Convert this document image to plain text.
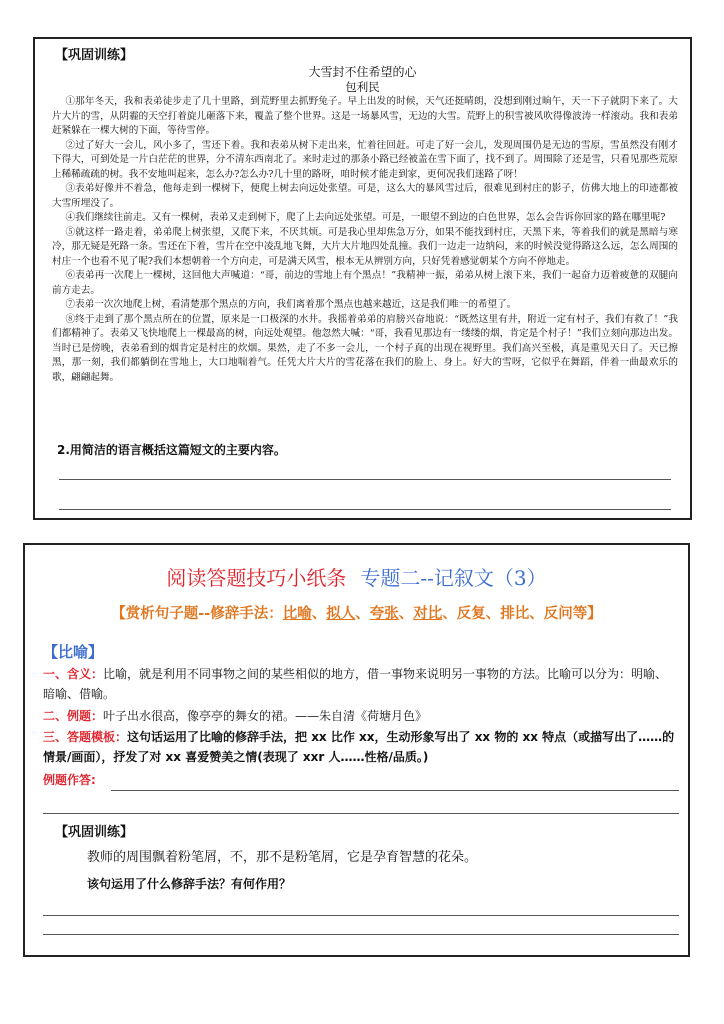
【巩固训练】

大雪封不住希望的心

包利民

①那年冬天，我和表弟徒步走了几十里路，到荒野里去抓野兔子。早上出发的时候，天气还挺晴朗，没想到刚过晌午，天一下子就阴下来了。大片大片的雪，从阴霾的天空打着旋儿砸落下来，覆盖了整个世界。这是一场暴风雪，无边的大雪。荒野上的积雪被风吹得像波涛一样滚动。我和表弟赶紧躲在一棵大树的下面，等待雪停。

②过了好大一会儿，风小多了，雪还下着。我和表弟从树下走出来，忙着往回赶。可走了好一会儿，发现周围仍是无边的雪原，雪虽然没有刚才下得大，可到处是一片白茫茫的世界，分不清东西南北了。来时走过的那条小路已经被盖在雪下面了，找不到了。周围除了还是雪，只看见那些荒原上稀稀疏疏的树。我不安地叫起来，怎么办?怎么办?几十里的路呀，咱时候才能走到家，更何况我们迷路了呀！

③表弟好像并不着急，他每走到一棵树下，便爬上树去向远处张望。可是，这么大的暴风雪过后，很难见到村庄的影子，仿佛大地上的印迹都被大雪所埋没了。

④我们继续往前走。又有一棵树，表弟又走到树下，爬了上去向远处张望。可是，一眼望不到边的白色世界，怎么会告诉你回家的路在哪里呢?

⑤就这样一路走着，弟弟爬上树张望，又爬下来，不厌其烦。可是我心里却焦急万分，如果不能找到村庄，天黑下来，等着我们的就是黑暗与寒冷，那无疑是死路一条。雪还在下着，雪片在空中凌乱地飞舞，大片大片地四处乱撞。我们一边走一边纳闷，来的时候没觉得路这么远，怎么周围的村庄一个也看不见了呢?我们本想朝着一个方向走，可是满天风雪，根本无从辨别方向，只好凭着感觉朝某个方向不停地走。

⑥表弟再一次爬上一棵树，这回他大声喊道：“哥，前边的雪地上有个黑点！”我精神一振，弟弟从树上滚下来，我们一起奋力迈着疲惫的双腿向前方走去。

⑦表弟一次次地爬上树，看清楚那个黑点的方向，我们离着那个黑点也越来越近，这是我们唯一的希望了。

⑧终于走到了那个黑点所在的位置，原来是一口极深的水井。我摇着弟弟的肩膀兴奋地说：“既然这里有井，附近一定有村子，我们有救了！”我们都精神了。表弟又飞快地爬上一棵最高的树，向远处观望。他忽然大喊：“哥，我看见那边有一缕缕的烟，肯定是个村子！”我们立刻向那边出发。当时已是傍晚，表弟看到的烟肯定是村庄的炊烟。果然，走了不多一会儿，一个村子真的出现在视野里。我们高兴至极，真是重见天日了。天已擦黑，那一刻，我们都躺倒在雪地上，大口地喘着气。任凭大片大片的雪花落在我们的脸上、身上。好大的雪呀，它似乎在舞蹈，伴着一曲最欢乐的歌，翩翩起舞。

2.用简洁的语言概括这篇短文的主要内容。

阅读答题技巧小纸条 专题二--记叙文（3）

【赏析句子题--修辞手法：比喻、拟人、夸张、对比、反复、排比、反问等】

【比喻】

一、含义：比喻，就是利用不同事物之间的某些相似的地方，借一事物来说明另一事物的方法。比喻可以分为：明喻、暗喻、借喻。

二、例题：叶子出水很高，像亭亭的舞女的裙。——朱自清《荷塘月色》

三、答题模板：这句话运用了比喻的修辞手法，把 xx 比作 xx，生动形象写出了 xx 物的 xx 特点（或描写出了……的情景/画面），抒发了对 xx 喜爱赞美之情(表现了 xxr 人……性格/品质。)

例题作答:

【巩固训练】

教师的周围飘着粉笔屑，不，那不是粉笔屑，它是孕育智慧的花朵。

该句运用了什么修辞手法？有何作用？
